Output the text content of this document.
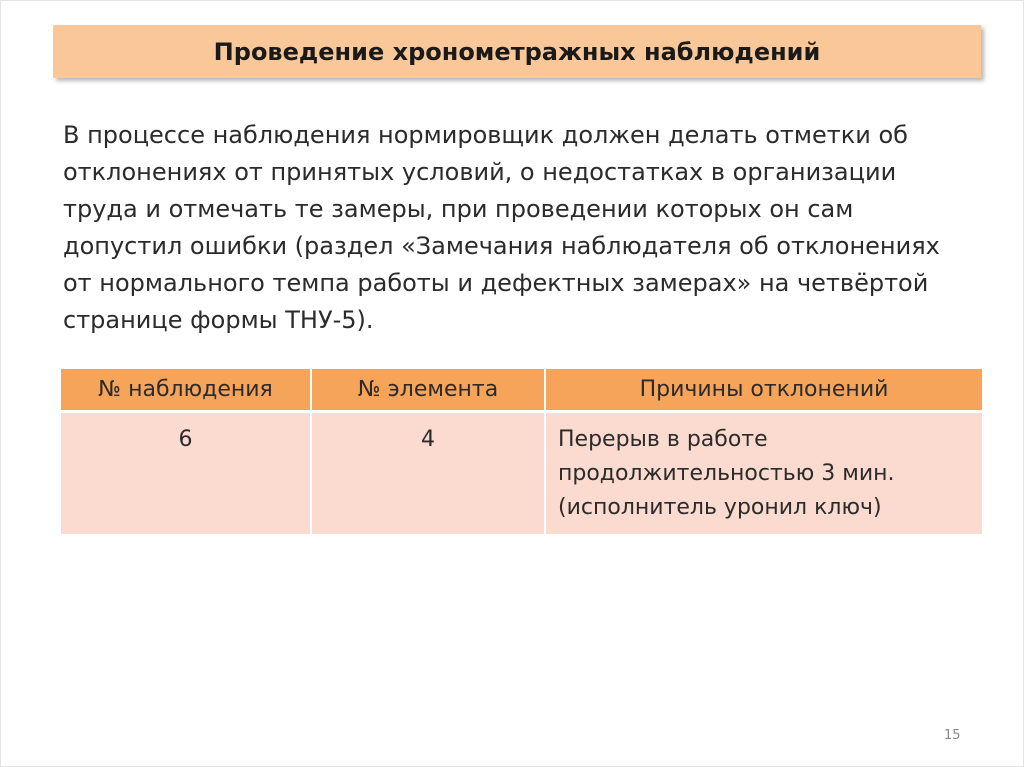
Проведение хронометражных наблюдений

В процессе наблюдения нормировщик должен делать отметки об отклонениях от принятых условий, о недостатках в организации труда и отмечать те замеры, при проведении которых он сам допустил ошибки (раздел «Замечания наблюдателя об отклонениях от нормального темпа работы и дефектных замерах» на четвёртой странице формы ТНУ-5).

№ наблюдения	№ элемента	Причины отклонений
6	4	Перерыв в работе
продолжительностью 3 мин.
(исполнитель уронил ключ)
15
